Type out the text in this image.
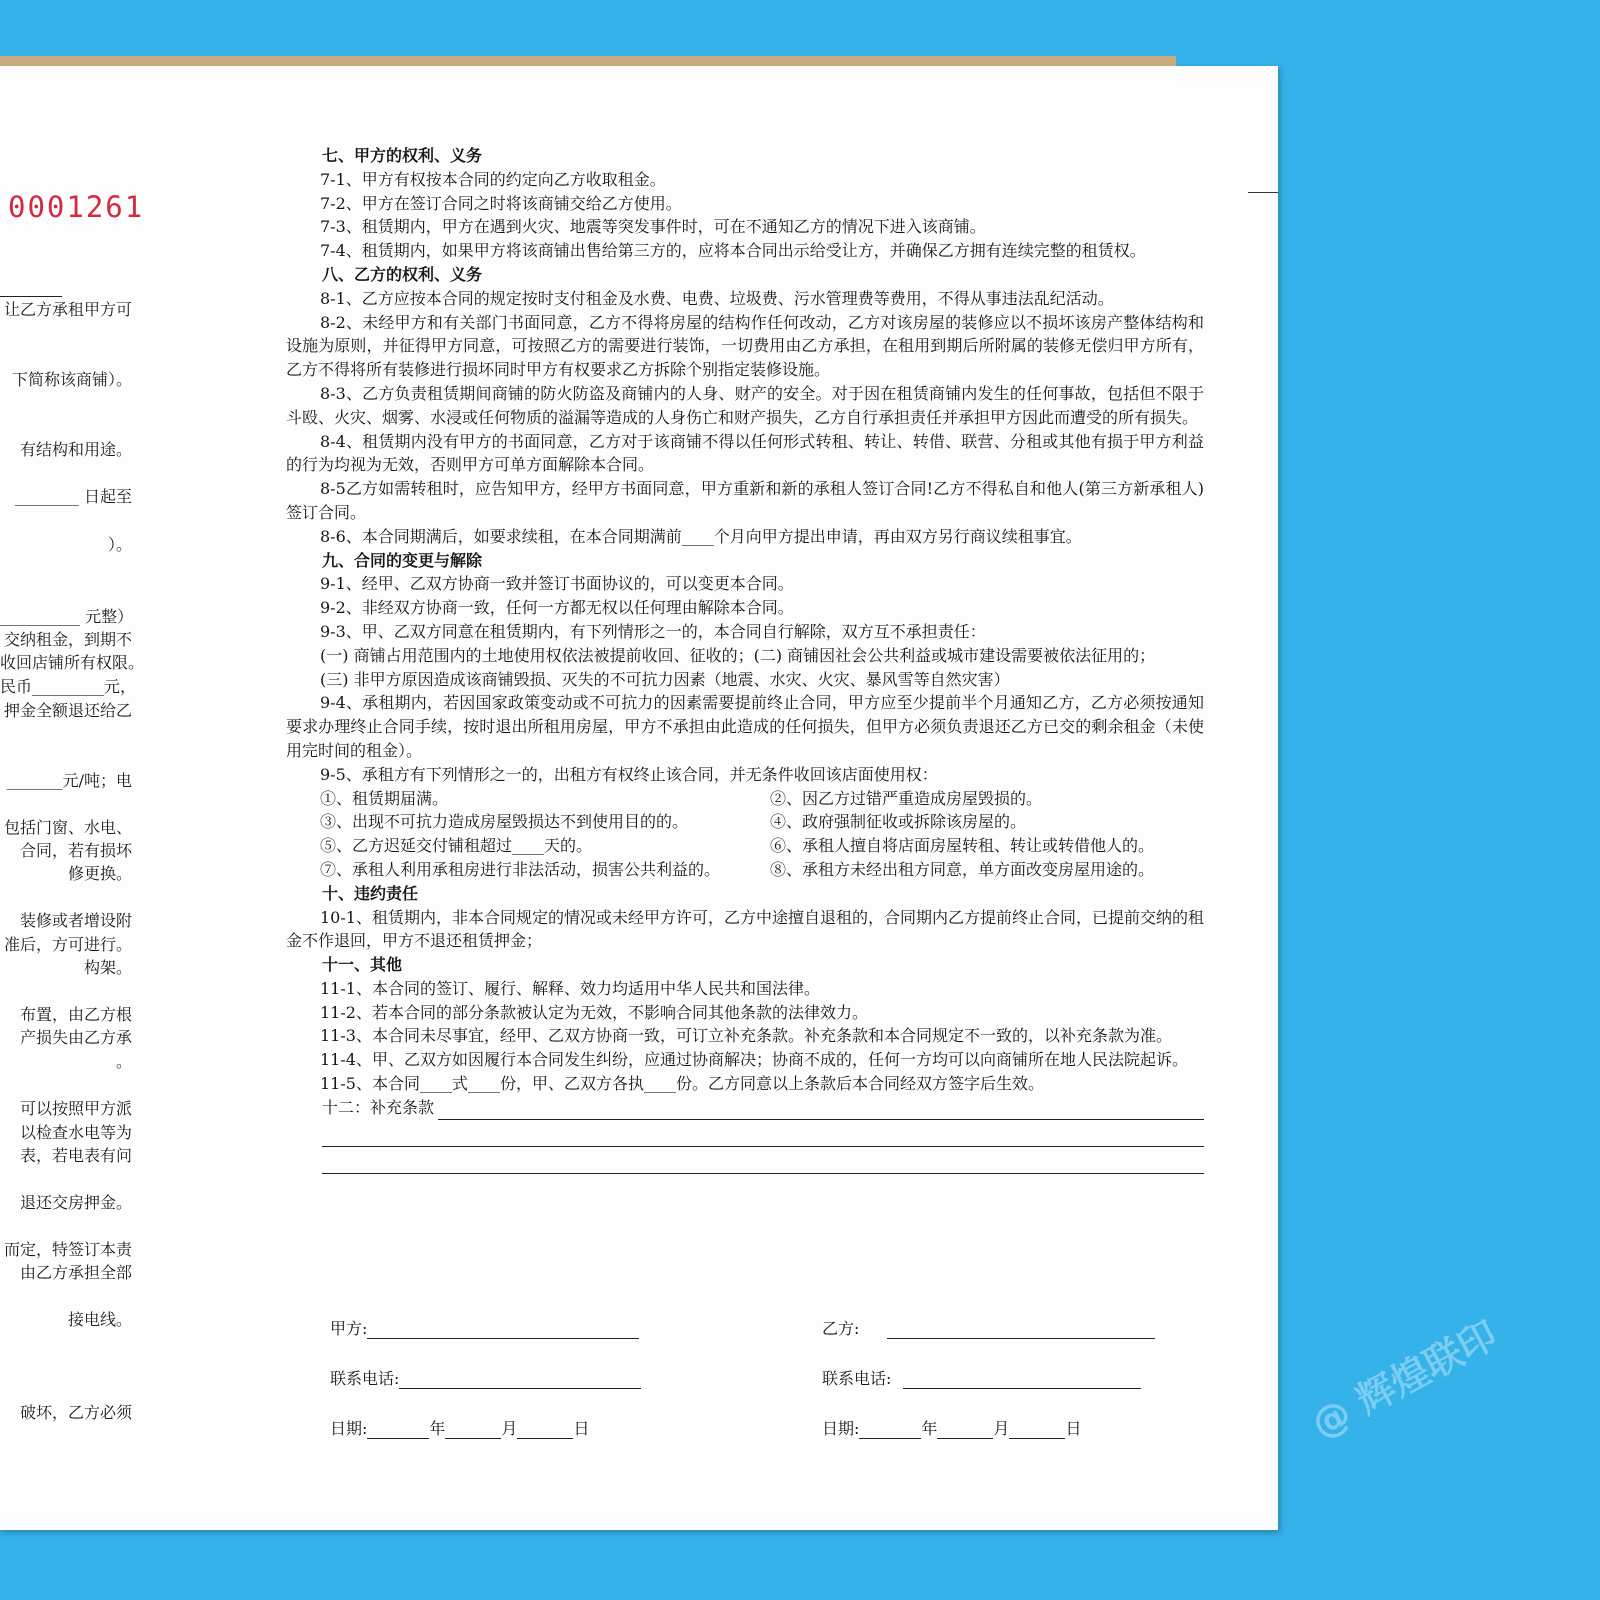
0001261
让乙方承租甲方可
下简称该商铺）。
有结构和用途。
________ 日起至
）。
__________ 元整）
交纳租金，到期不
收回店铺所有权限。
民币_________元，
押金全额退还给乙
_______元/吨；电
包括门窗、水电、
合同，若有损坏
修更换。
装修或者增设附
准后，方可进行。
构架。
布置，由乙方根
产损失由乙方承
。
可以按照甲方派
以检查水电等为
表，若电表有问
退还交房押金。
而定，特签订本责
由乙方承担全部
接电线。
破坏，乙方必须
七、甲方的权利、义务
7-1、甲方有权按本合同的约定向乙方收取租金。
7-2、甲方在签订合同之时将该商铺交给乙方使用。
7-3、租赁期内，甲方在遇到火灾、地震等突发事件时，可在不通知乙方的情况下进入该商铺。
7-4、租赁期内，如果甲方将该商铺出售给第三方的，应将本合同出示给受让方，并确保乙方拥有连续完整的租赁权。
八、乙方的权利、义务
8-1、乙方应按本合同的规定按时支付租金及水费、电费、垃圾费、污水管理费等费用，不得从事违法乱纪活动。
8-2、未经甲方和有关部门书面同意，乙方不得将房屋的结构作任何改动，乙方对该房屋的装修应以不损坏该房产整体结构和设施为原则，并征得甲方同意，可按照乙方的需要进行装饰，一切费用由乙方承担，在租用到期后所附属的装修无偿归甲方所有，乙方不得将所有装修进行损坏同时甲方有权要求乙方拆除个别指定装修设施。
8-3、乙方负责租赁期间商铺的防火防盗及商铺内的人身、财产的安全。对于因在租赁商铺内发生的任何事故，包括但不限于斗殴、火灾、烟雾、水浸或任何物质的溢漏等造成的人身伤亡和财产损失，乙方自行承担责任并承担甲方因此而遭受的所有损失。
8-4、租赁期内没有甲方的书面同意，乙方对于该商铺不得以任何形式转租、转让、转借、联营、分租或其他有损于甲方利益的行为均视为无效，否则甲方可单方面解除本合同。
8-5乙方如需转租时，应告知甲方，经甲方书面同意，甲方重新和新的承租人签订合同!乙方不得私自和他人(第三方新承租人)签订合同。
8-6、本合同期满后，如要求续租，在本合同期满前____个月向甲方提出申请，再由双方另行商议续租事宜。
九、合同的变更与解除
9-1、经甲、乙双方协商一致并签订书面协议的，可以变更本合同。
9-2、非经双方协商一致，任何一方都无权以任何理由解除本合同。
9-3、甲、乙双方同意在租赁期内，有下列情形之一的，本合同自行解除，双方互不承担责任：
(一) 商铺占用范围内的土地使用权依法被提前收回、征收的；(二) 商铺因社会公共利益或城市建设需要被依法征用的；
(三) 非甲方原因造成该商铺毁损、灭失的不可抗力因素（地震、水灾、火灾、暴风雪等自然灾害）
9-4、承租期内，若因国家政策变动或不可抗力的因素需要提前终止合同，甲方应至少提前半个月通知乙方，乙方必须按通知要求办理终止合同手续，按时退出所租用房屋，甲方不承担由此造成的任何损失，但甲方必须负责退还乙方已交的剩余租金（未使用完时间的租金）。
9-5、承租方有下列情形之一的，出租方有权终止该合同，并无条件收回该店面使用权：
①、租赁期届满。	②、因乙方过错严重造成房屋毁损的。
③、出现不可抗力造成房屋毁损达不到使用目的的。	④、政府强制征收或拆除该房屋的。
⑤、乙方迟延交付铺租超过____天的。	⑥、承租人擅自将店面房屋转租、转让或转借他人的。
⑦、承租人利用承租房进行非法活动，损害公共利益的。	⑧、承租方未经出租方同意，单方面改变房屋用途的。
十、违约责任
10-1、租赁期内，非本合同规定的情况或未经甲方许可，乙方中途擅自退租的，合同期内乙方提前终止合同，已提前交纳的租金不作退回，甲方不退还租赁押金；
十一、其他
11-1、本合同的签订、履行、解释、效力均适用中华人民共和国法律。
11-2、若本合同的部分条款被认定为无效，不影响合同其他条款的法律效力。
11-3、本合同未尽事宜，经甲、乙双方协商一致，可订立补充条款。补充条款和本合同规定不一致的，以补充条款为准。
11-4、甲、乙双方如因履行本合同发生纠纷，应通过协商解决；协商不成的，任何一方均可以向商铺所在地人民法院起诉。
11-5、本合同____式____份，甲、乙双方各执____份。乙方同意以上条款后本合同经双方签字后生效。
十二：补充条款
甲方:	乙方:
联系电话:	联系电话:
日期:	年	月	日	日期:	年	月	日	@ 辉煌联印
